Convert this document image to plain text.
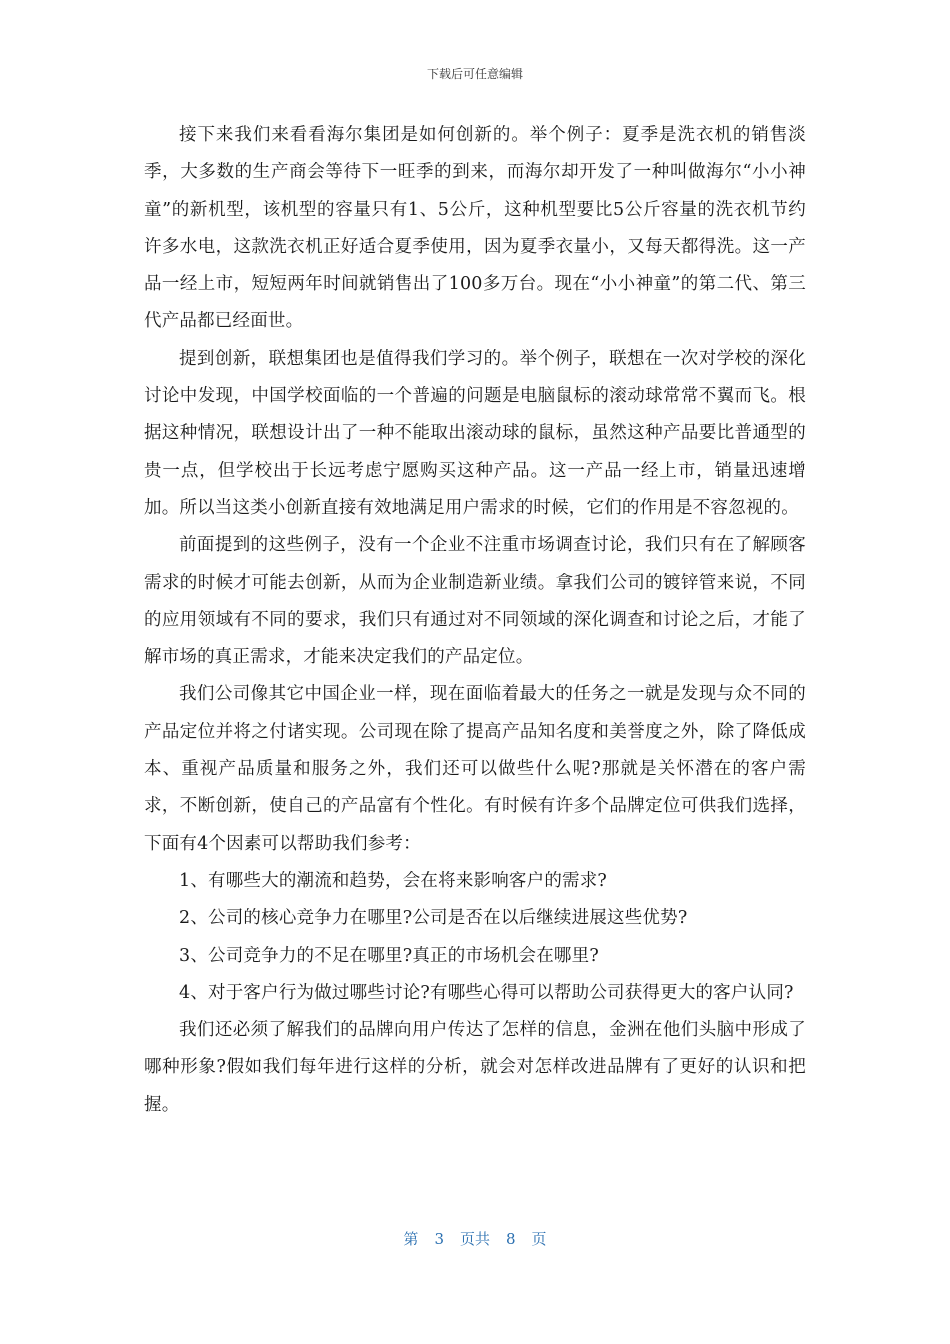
下载后可任意编辑

接下来我们来看看海尔集团是如何创新的。举个例子：夏季是洗衣机的销售淡季，大多数的生产商会等待下一旺季的到来，而海尔却开发了一种叫做海尔“小小神童”的新机型，该机型的容量只有1、5公斤，这种机型要比5公斤容量的洗衣机节约许多水电，这款洗衣机正好适合夏季使用，因为夏季衣量小，又每天都得洗。这一产品一经上市，短短两年时间就销售出了100多万台。现在“小小神童”的第二代、第三代产品都已经面世。

提到创新，联想集团也是值得我们学习的。举个例子，联想在一次对学校的深化讨论中发现，中国学校面临的一个普遍的问题是电脑鼠标的滚动球常常不翼而飞。根据这种情况，联想设计出了一种不能取出滚动球的鼠标，虽然这种产品要比普通型的贵一点，但学校出于长远考虑宁愿购买这种产品。这一产品一经上市，销量迅速增加。所以当这类小创新直接有效地满足用户需求的时候，它们的作用是不容忽视的。

前面提到的这些例子，没有一个企业不注重市场调查讨论，我们只有在了解顾客需求的时候才可能去创新，从而为企业制造新业绩。拿我们公司的镀锌管来说，不同的应用领域有不同的要求，我们只有通过对不同领域的深化调查和讨论之后，才能了解市场的真正需求，才能来决定我们的产品定位。

我们公司像其它中国企业一样，现在面临着最大的任务之一就是发现与众不同的产品定位并将之付诸实现。公司现在除了提高产品知名度和美誉度之外，除了降低成本、重视产品质量和服务之外，我们还可以做些什么呢?那就是关怀潜在的客户需求，不断创新，使自己的产品富有个性化。有时候有许多个品牌定位可供我们选择，下面有4个因素可以帮助我们参考：

1、有哪些大的潮流和趋势，会在将来影响客户的需求?

2、公司的核心竞争力在哪里?公司是否在以后继续进展这些优势?

3、公司竞争力的不足在哪里?真正的市场机会在哪里?

4、对于客户行为做过哪些讨论?有哪些心得可以帮助公司获得更大的客户认同?

我们还必须了解我们的品牌向用户传达了怎样的信息，金洲在他们头脑中形成了哪种形象?假如我们每年进行这样的分析，就会对怎样改进品牌有了更好的认识和把握。

第 3 页共 8 页
